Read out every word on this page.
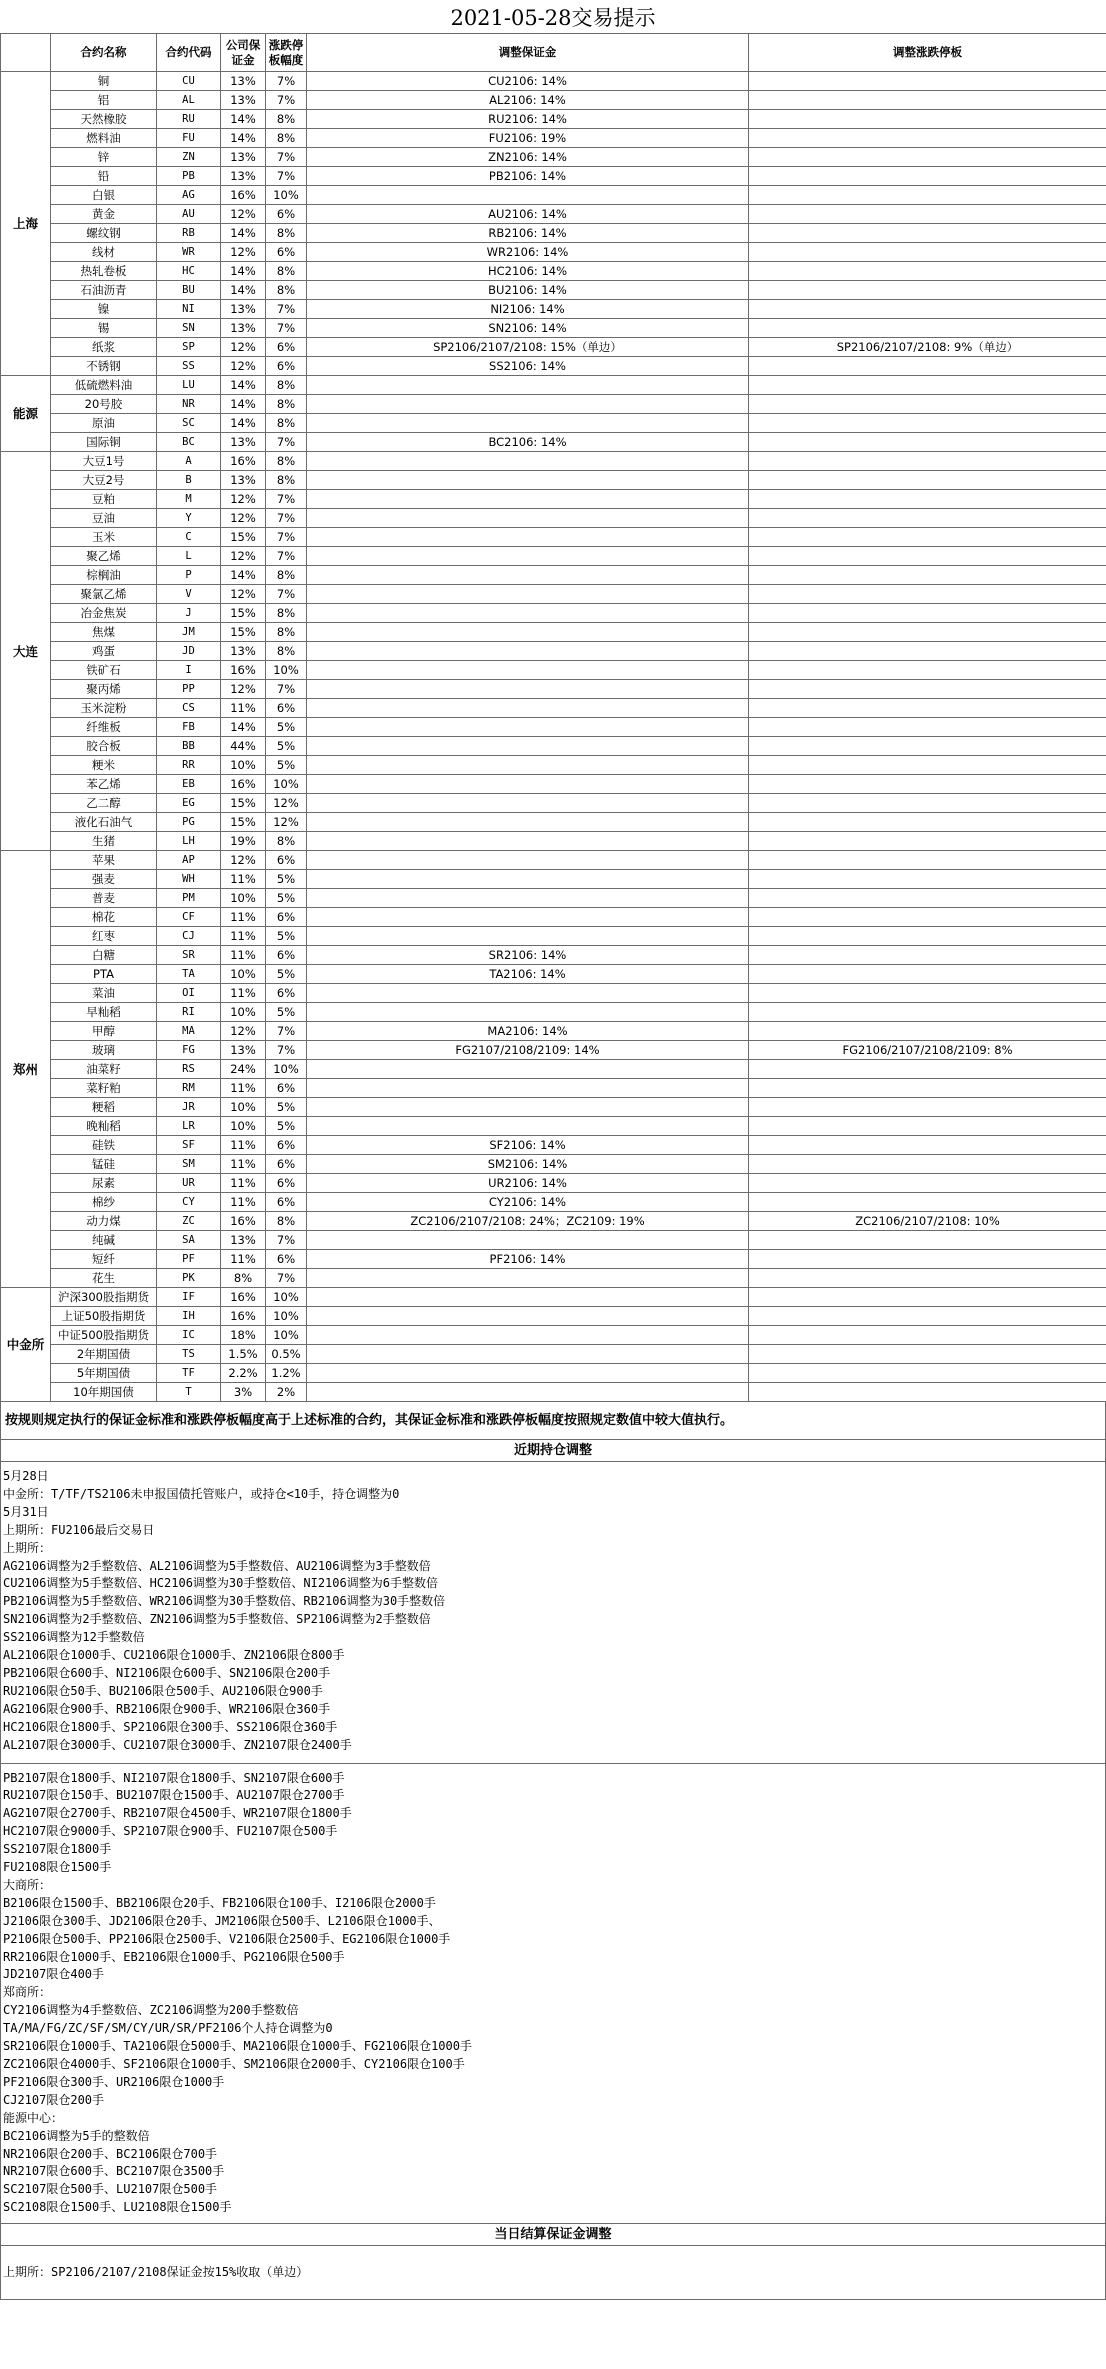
2021-05-28交易提示
	合约名称	合约代码	公司保证金	涨跌停板幅度	调整保证金	调整涨跌停板
上海	铜	CU	13%	7%	CU2106: 14%	
	铝	AL	13%	7%	AL2106: 14%	
	天然橡胶	RU	14%	8%	RU2106: 14%	
	燃料油	FU	14%	8%	FU2106: 19%	
	锌	ZN	13%	7%	ZN2106: 14%	
	铅	PB	13%	7%	PB2106: 14%	
	白银	AG	16%	10%		
	黄金	AU	12%	6%	AU2106: 14%	
	螺纹钢	RB	14%	8%	RB2106: 14%	
	线材	WR	12%	6%	WR2106: 14%	
	热轧卷板	HC	14%	8%	HC2106: 14%	
	石油沥青	BU	14%	8%	BU2106: 14%	
	镍	NI	13%	7%	NI2106: 14%	
	锡	SN	13%	7%	SN2106: 14%	
	纸浆	SP	12%	6%	SP2106/2107/2108: 15%（单边）	SP2106/2107/2108: 9%（单边）
	不锈钢	SS	12%	6%	SS2106: 14%	
能源	低硫燃料油	LU	14%	8%		
	20号胶	NR	14%	8%		
	原油	SC	14%	8%		
	国际铜	BC	13%	7%	BC2106: 14%	
大连	大豆1号	A	16%	8%		
	大豆2号	B	13%	8%		
	豆粕	M	12%	7%		
	豆油	Y	12%	7%		
	玉米	C	15%	7%		
	聚乙烯	L	12%	7%		
	棕榈油	P	14%	8%		
	聚氯乙烯	V	12%	7%		
	冶金焦炭	J	15%	8%		
	焦煤	JM	15%	8%		
	鸡蛋	JD	13%	8%		
	铁矿石	I	16%	10%		
	聚丙烯	PP	12%	7%		
	玉米淀粉	CS	11%	6%		
	纤维板	FB	14%	5%		
	胶合板	BB	44%	5%		
	粳米	RR	10%	5%		
	苯乙烯	EB	16%	10%		
	乙二醇	EG	15%	12%		
	液化石油气	PG	15%	12%		
	生猪	LH	19%	8%		
郑州	苹果	AP	12%	6%		
	强麦	WH	11%	5%		
	普麦	PM	10%	5%		
	棉花	CF	11%	6%		
	红枣	CJ	11%	5%		
	白糖	SR	11%	6%	SR2106: 14%	
	PTA	TA	10%	5%	TA2106: 14%	
	菜油	OI	11%	6%		
	早籼稻	RI	10%	5%		
	甲醇	MA	12%	7%	MA2106: 14%	
	玻璃	FG	13%	7%	FG2107/2108/2109: 14%	FG2106/2107/2108/2109: 8%
	油菜籽	RS	24%	10%		
	菜籽粕	RM	11%	6%		
	粳稻	JR	10%	5%		
	晚籼稻	LR	10%	5%		
	硅铁	SF	11%	6%	SF2106: 14%	
	锰硅	SM	11%	6%	SM2106: 14%	
	尿素	UR	11%	6%	UR2106: 14%	
	棉纱	CY	11%	6%	CY2106: 14%	
	动力煤	ZC	16%	8%	ZC2106/2107/2108: 24%；ZC2109: 19%	ZC2106/2107/2108: 10%
	纯碱	SA	13%	7%		
	短纤	PF	11%	6%	PF2106: 14%	
	花生	PK	8%	7%		
中金所	沪深300股指期货	IF	16%	10%		
	上证50股指期货	IH	16%	10%		
	中证500股指期货	IC	18%	10%		
	2年期国债	TS	1.5%	0.5%		
	5年期国债	TF	2.2%	1.2%		
	10年期国债	T	3%	2%		
按规则规定执行的保证金标准和涨跌停板幅度高于上述标准的合约，其保证金标准和涨跌停板幅度按照规定数值中较大值执行。
近期持仓调整
5月28日
中金所：T/TF/TS2106未申报国债托管账户，或持仓<10手，持仓调整为0
5月31日
上期所：FU2106最后交易日
上期所：
AG2106调整为2手整数倍、AL2106调整为5手整数倍、AU2106调整为3手整数倍
CU2106调整为5手整数倍、HC2106调整为30手整数倍、NI2106调整为6手整数倍
PB2106调整为5手整数倍、WR2106调整为30手整数倍、RB2106调整为30手整数倍
SN2106调整为2手整数倍、ZN2106调整为5手整数倍、SP2106调整为2手整数倍
SS2106调整为12手整数倍
AL2106限仓1000手、CU2106限仓1000手、ZN2106限仓800手
PB2106限仓600手、NI2106限仓600手、SN2106限仓200手
RU2106限仓50手、BU2106限仓500手、AU2106限仓900手
AG2106限仓900手、RB2106限仓900手、WR2106限仓360手
HC2106限仓1800手、SP2106限仓300手、SS2106限仓360手
AL2107限仓3000手、CU2107限仓3000手、ZN2107限仓2400手
PB2107限仓1800手、NI2107限仓1800手、SN2107限仓600手
RU2107限仓150手、BU2107限仓1500手、AU2107限仓2700手
AG2107限仓2700手、RB2107限仓4500手、WR2107限仓1800手
HC2107限仓9000手、SP2107限仓900手、FU2107限仓500手
SS2107限仓1800手
FU2108限仓1500手
大商所：
B2106限仓1500手、BB2106限仓20手、FB2106限仓100手、I2106限仓2000手
J2106限仓300手、JD2106限仓20手、JM2106限仓500手、L2106限仓1000手、
P2106限仓500手、PP2106限仓2500手、V2106限仓2500手、EG2106限仓1000手
RR2106限仓1000手、EB2106限仓1000手、PG2106限仓500手
JD2107限仓400手
郑商所：
CY2106调整为4手整数倍、ZC2106调整为200手整数倍
TA/MA/FG/ZC/SF/SM/CY/UR/SR/PF2106个人持仓调整为0
SR2106限仓1000手、TA2106限仓5000手、MA2106限仓1000手、FG2106限仓1000手
ZC2106限仓4000手、SF2106限仓1000手、SM2106限仓2000手、CY2106限仓100手
PF2106限仓300手、UR2106限仓1000手
CJ2107限仓200手
能源中心：
BC2106调整为5手的整数倍
NR2106限仓200手、BC2106限仓700手
NR2107限仓600手、BC2107限仓3500手
SC2107限仓500手、LU2107限仓500手
SC2108限仓1500手、LU2108限仓1500手
当日结算保证金调整
上期所：SP2106/2107/2108保证金按15%收取（单边）
